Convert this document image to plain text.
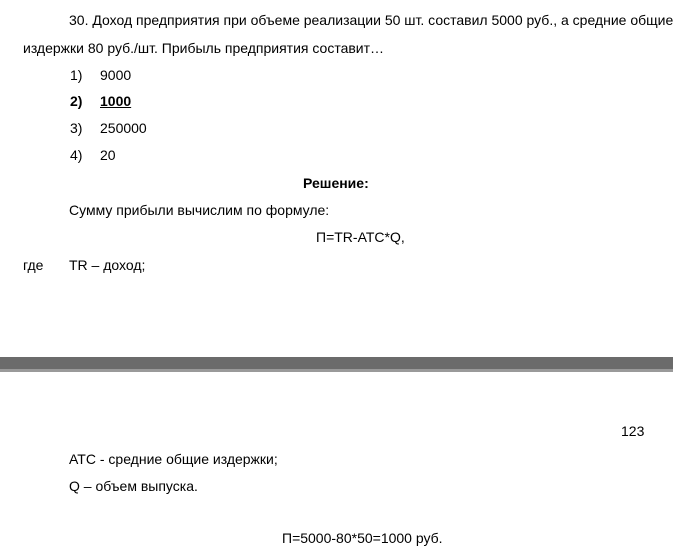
30. Доход предприятия при объеме реализации 50 шт. составил 5000 руб., а средние общие
издержки 80 руб./шт. Прибыль предприятия составит…
1) 9000
2) 1000
3) 250000
4) 20
Решение:
Сумму прибыли вычислим по формуле:
П=TR-ATC*Q,
где TR – доход;
123
ATC - средние общие издержки;
Q – объем выпуска.
П=5000-80*50=1000 руб.
